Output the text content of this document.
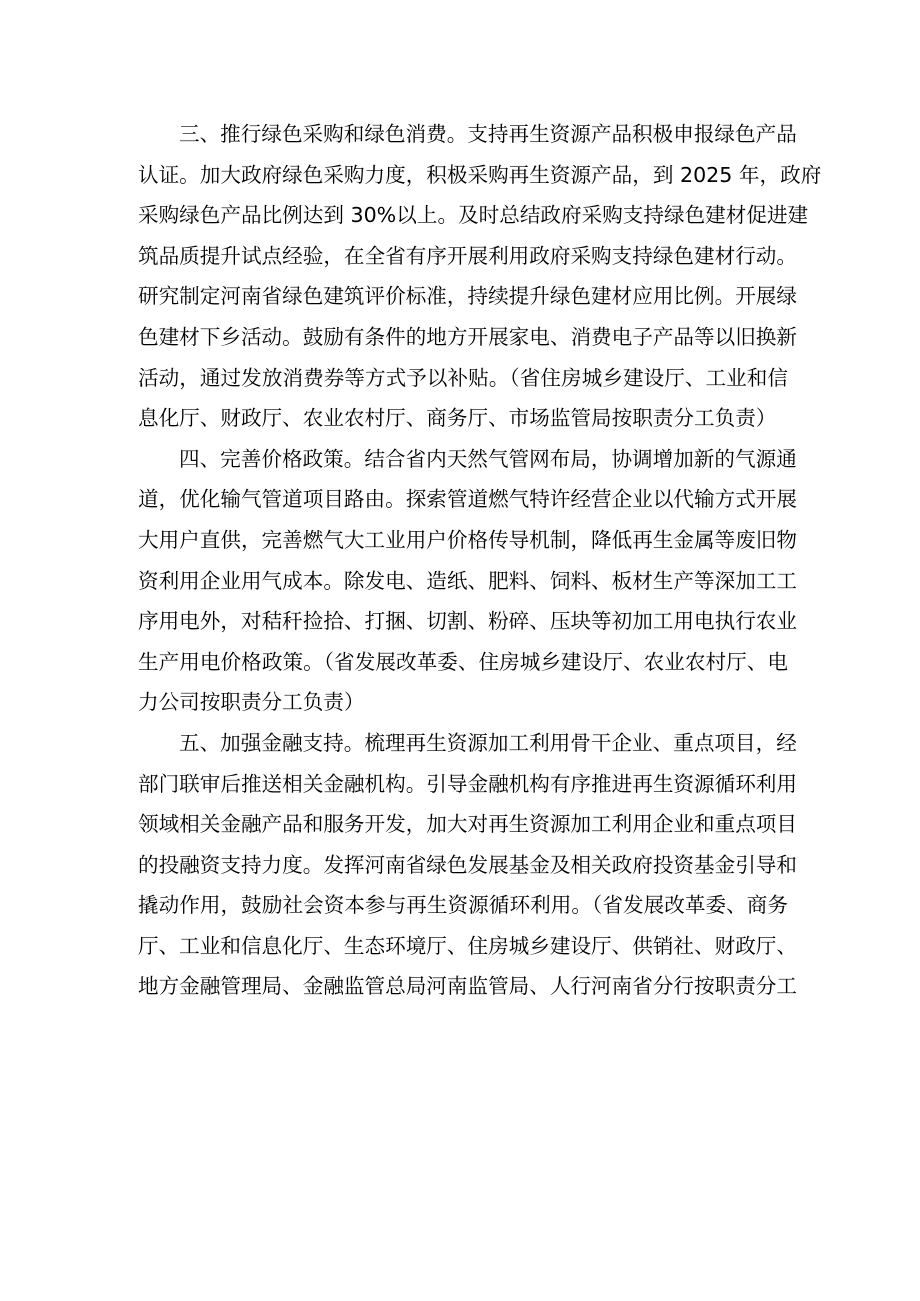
三、推行绿色采购和绿色消费。支持再生资源产品积极申报绿色产品
认证。加大政府绿色采购力度，积极采购再生资源产品，到 2025 年，政府
采购绿色产品比例达到 30%以上。及时总结政府采购支持绿色建材促进建
筑品质提升试点经验，在全省有序开展利用政府采购支持绿色建材行动。
研究制定河南省绿色建筑评价标准，持续提升绿色建材应用比例。开展绿
色建材下乡活动。鼓励有条件的地方开展家电、消费电子产品等以旧换新
活动，通过发放消费券等方式予以补贴。（省住房城乡建设厅、工业和信
息化厅、财政厅、农业农村厅、商务厅、市场监管局按职责分工负责）
四、完善价格政策。结合省内天然气管网布局，协调增加新的气源通
道，优化输气管道项目路由。探索管道燃气特许经营企业以代输方式开展
大用户直供，完善燃气大工业用户价格传导机制，降低再生金属等废旧物
资利用企业用气成本。除发电、造纸、肥料、饲料、板材生产等深加工工
序用电外，对秸秆捡拾、打捆、切割、粉碎、压块等初加工用电执行农业
生产用电价格政策。（省发展改革委、住房城乡建设厅、农业农村厅、电
力公司按职责分工负责）
五、加强金融支持。梳理再生资源加工利用骨干企业、重点项目，经
部门联审后推送相关金融机构。引导金融机构有序推进再生资源循环利用
领域相关金融产品和服务开发，加大对再生资源加工利用企业和重点项目
的投融资支持力度。发挥河南省绿色发展基金及相关政府投资基金引导和
撬动作用，鼓励社会资本参与再生资源循环利用。（省发展改革委、商务
厅、工业和信息化厅、生态环境厅、住房城乡建设厅、供销社、财政厅、
地方金融管理局、金融监管总局河南监管局、人行河南省分行按职责分工
